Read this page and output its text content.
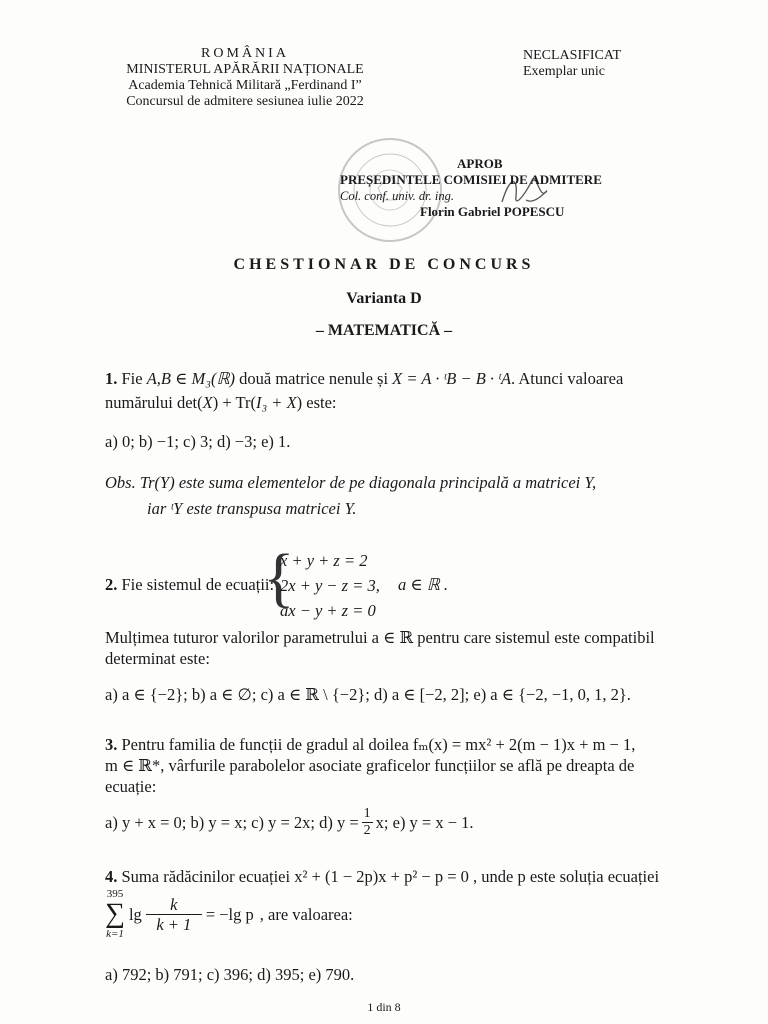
ROMÂNIA
MINISTERUL APĂRĂRII NAȚIONALE
Academia Tehnică Militară „Ferdinand I”
Concursul de admitere sesiunea iulie 2022
NECLASIFICAT
Exemplar unic
APROB
PREȘEDINTELE COMISIEI DE ADMITERE
Col. conf. univ. dr. ing.
Florin Gabriel POPESCU
CHESTIONAR DE CONCURS
Varianta D
– MATEMATICĂ –
1. Fie A,B ∈ M₃(ℝ) două matrice nenule și X = A · ᵗB − B · ᵗA. Atunci valoarea
numărului det(X) + Tr(I₃ + X) este:
a) 0; b) −1; c) 3; d) −3; e) 1.
Obs. Tr(Y) este suma elementelor de pe diagonala principală a matricei Y,
iar ᵗY este transpusa matricei Y.
2. Fie sistemul de ecuații:
{
x + y + z = 2
2x + y − z = 3,
ax − y + z = 0
a ∈ ℝ .
Mulțimea tuturor valorilor parametrului a ∈ ℝ pentru care sistemul este compatibil
determinat este:
a) a ∈ {−2}; b) a ∈ ∅; c) a ∈ ℝ \ {−2}; d) a ∈ [−2, 2]; e) a ∈ {−2, −1, 0, 1, 2}.
3. Pentru familia de funcții de gradul al doilea fₘ(x) = mx² + 2(m − 1)x + m − 1,
m ∈ ℝ*, vârfurile parabolelor asociate graficelor funcțiilor se află pe dreapta de
ecuație:
a) y + x = 0; b) y = x; c) y = 2x; d) $y = \frac{1}{2} x$; e) y = x − 1.
4. Suma rădăcinilor ecuației x² + (1 − 2p)x + p² − p = 0 , unde p este soluția ecuației
395
∑
k=1
$\lg \frac{k}{k + 1} = -\lg$ p , are valoarea:
a) 792; b) 791; c) 396; d) 395; e) 790.
1 din 8
